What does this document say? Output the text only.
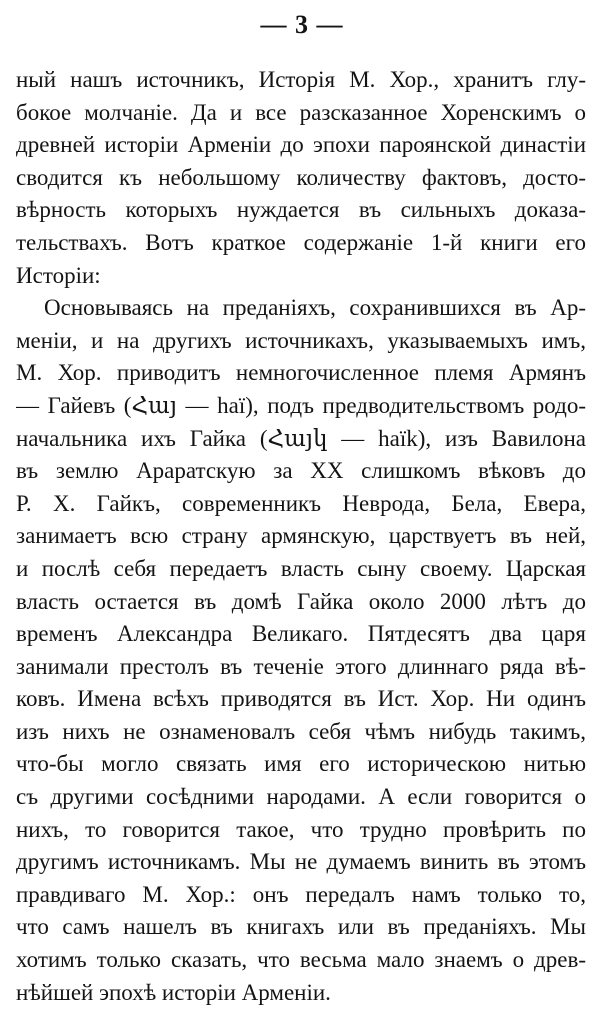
— 3 —
ный нашъ источникъ, Исторія М. Хор., хранитъ глу-
бокое молчаніе. Да и все разсказанное Хоренскимъ о
древней исторіи Арменіи до эпохи пароянской династіи
сводится къ небольшому количеству фактовъ, досто-
вѣрность которыхъ нуждается въ сильныхъ доказа-
тельствахъ. Вотъ краткое содержаніе 1-й книги его
Исторіи:
Основываясь на преданіяхъ, сохранившихся въ Ар-
меніи, и на другихъ источникахъ, указываемыхъ имъ,
М. Хор. приводитъ немногочисленное племя Армянъ
— Гайевъ (Հայ — haï), подъ предводительствомъ родо-
начальника ихъ Гайка (Հայկ — haïk), изъ Вавилона
въ землю Араратскую за XX слишкомъ вѣковъ до
Р. Х. Гайкъ, современникъ Неврода, Бела, Евера,
занимаетъ всю страну армянскую, царствуетъ въ ней,
и послѣ себя передаетъ власть сыну своему. Царская
власть остается въ домѣ Гайка около 2000 лѣтъ до
временъ Александра Великаго. Пятдесятъ два царя
занимали престолъ въ теченіе этого длиннаго ряда вѣ-
ковъ. Имена всѣхъ приводятся въ Ист. Хор. Ни одинъ
изъ нихъ не ознаменовалъ себя чѣмъ нибудь такимъ,
что-бы могло связать имя его историческою нитью
съ другими сосѣдними народами. А если говорится о
нихъ, то говорится такое, что трудно провѣрить по
другимъ источникамъ. Мы не думаемъ винить въ этомъ
правдиваго М. Хор.: онъ передалъ намъ только то,
что самъ нашелъ въ книгахъ или въ преданіяхъ. Мы
хотимъ только сказать, что весьма мало знаемъ о древ-
нѣйшей эпохѣ исторіи Арменіи.
